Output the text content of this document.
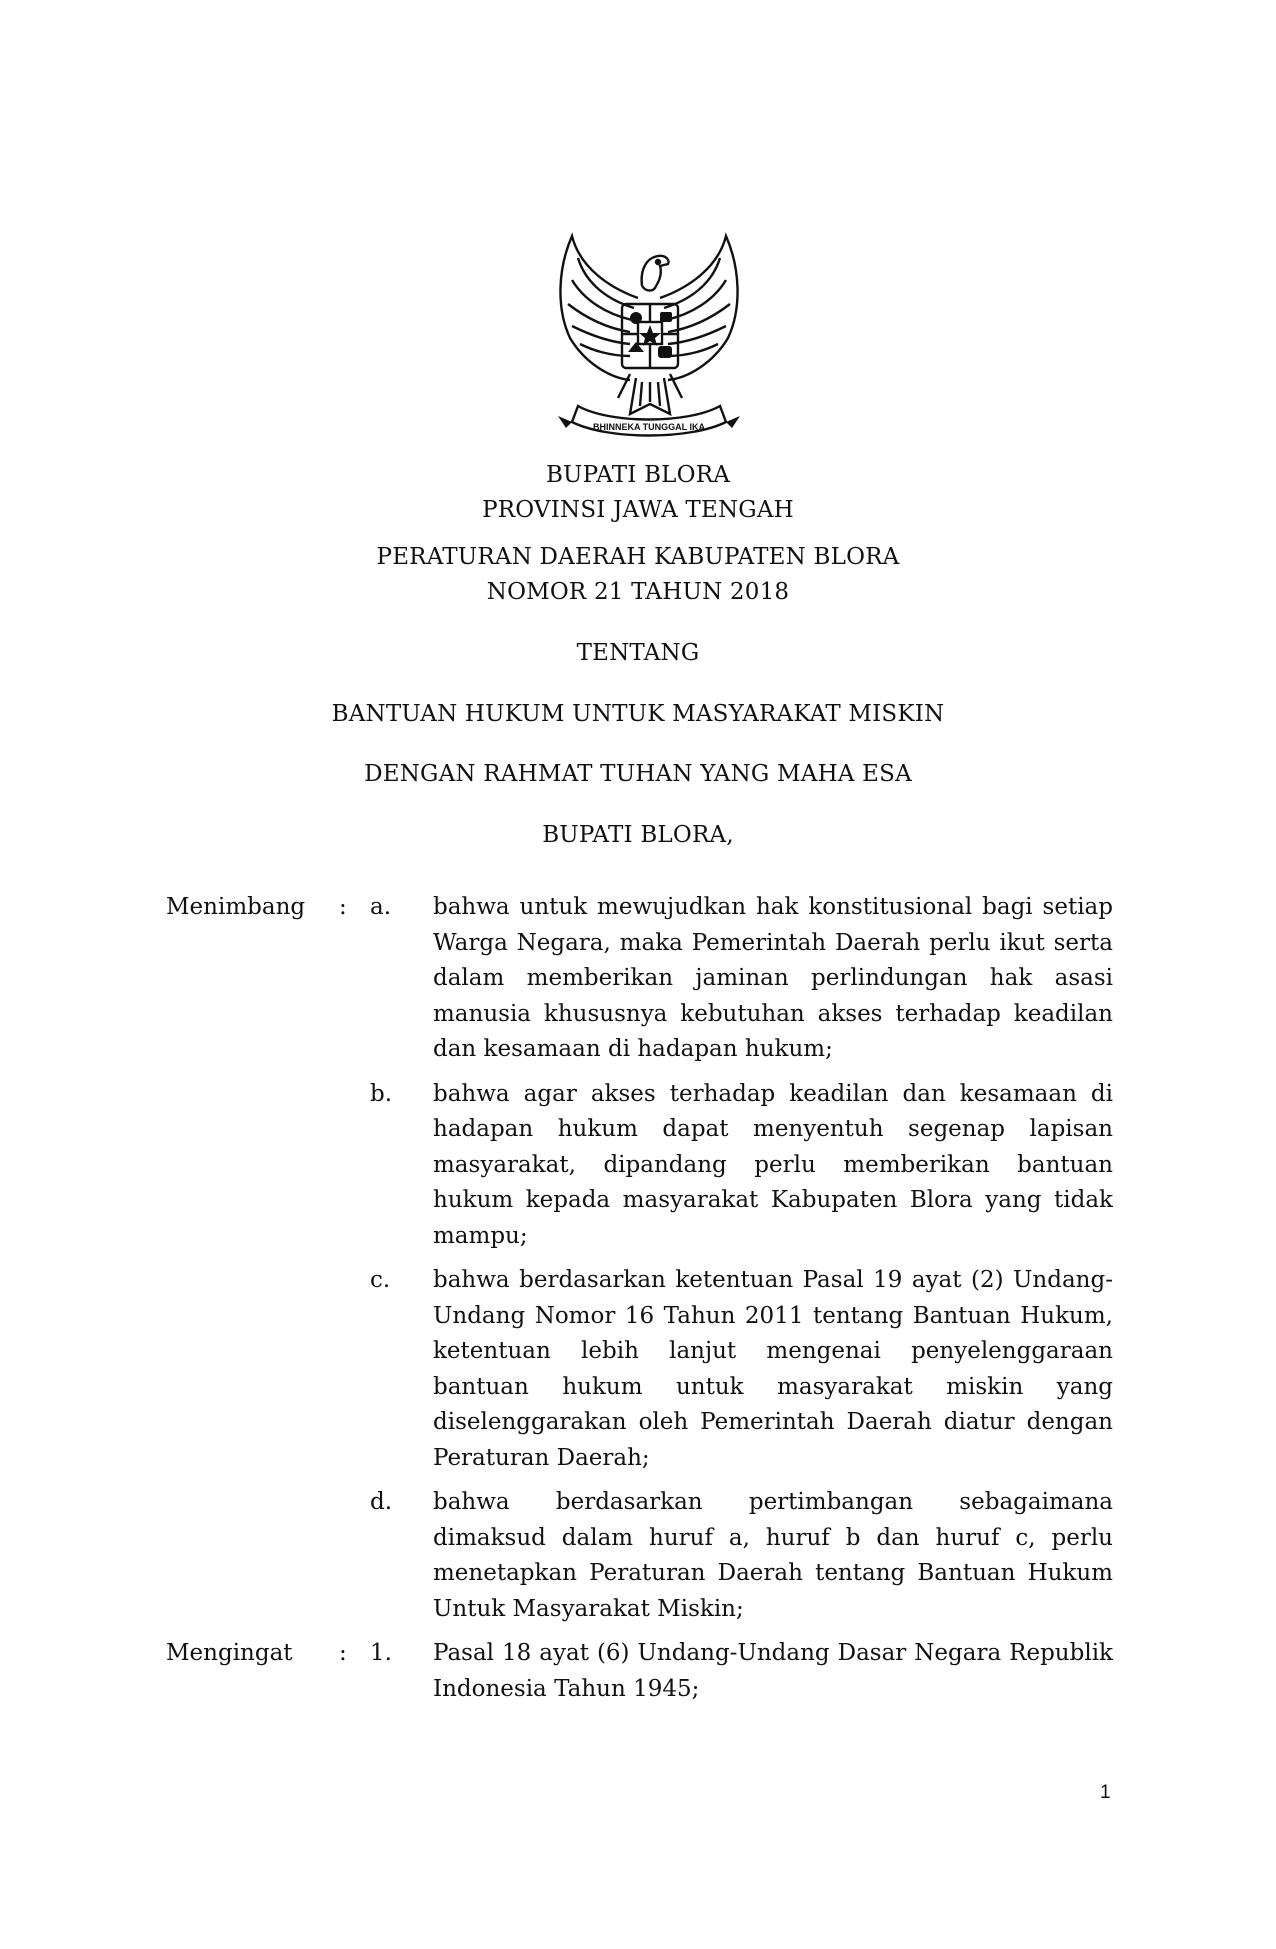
BHINNEKA TUNGGAL IKA

BUPATI BLORA

PROVINSI JAWA TENGAH

PERATURAN DAERAH KABUPATEN BLORA

NOMOR 21 TAHUN 2018

TENTANG

BANTUAN HUKUM UNTUK MASYARAKAT MISKIN

DENGAN RAHMAT TUHAN YANG MAHA ESA

BUPATI BLORA,

Menimbang : a. bahwa untuk mewujudkan hak konstitusional bagi setiap Warga Negara, maka Pemerintah Daerah perlu ikut serta dalam memberikan jaminan perlindungan hak asasi manusia khususnya kebutuhan akses terhadap keadilan dan kesamaan di hadapan hukum;
b. bahwa agar akses terhadap keadilan dan kesamaan di hadapan hukum dapat menyentuh segenap lapisan masyarakat, dipandang perlu memberikan bantuan hukum kepada masyarakat Kabupaten Blora yang tidak mampu;
c. bahwa berdasarkan ketentuan Pasal 19 ayat (2) Undang-Undang Nomor 16 Tahun 2011 tentang Bantuan Hukum, ketentuan lebih lanjut mengenai penyelenggaraan bantuan hukum untuk masyarakat miskin yang diselenggarakan oleh Pemerintah Daerah diatur dengan Peraturan Daerah;
d. bahwa berdasarkan pertimbangan sebagaimana dimaksud dalam huruf a, huruf b dan huruf c, perlu menetapkan Peraturan Daerah tentang Bantuan Hukum Untuk Masyarakat Miskin;
Mengingat : 1. Pasal 18 ayat (6) Undang-Undang Dasar Negara Republik Indonesia Tahun 1945;
1
